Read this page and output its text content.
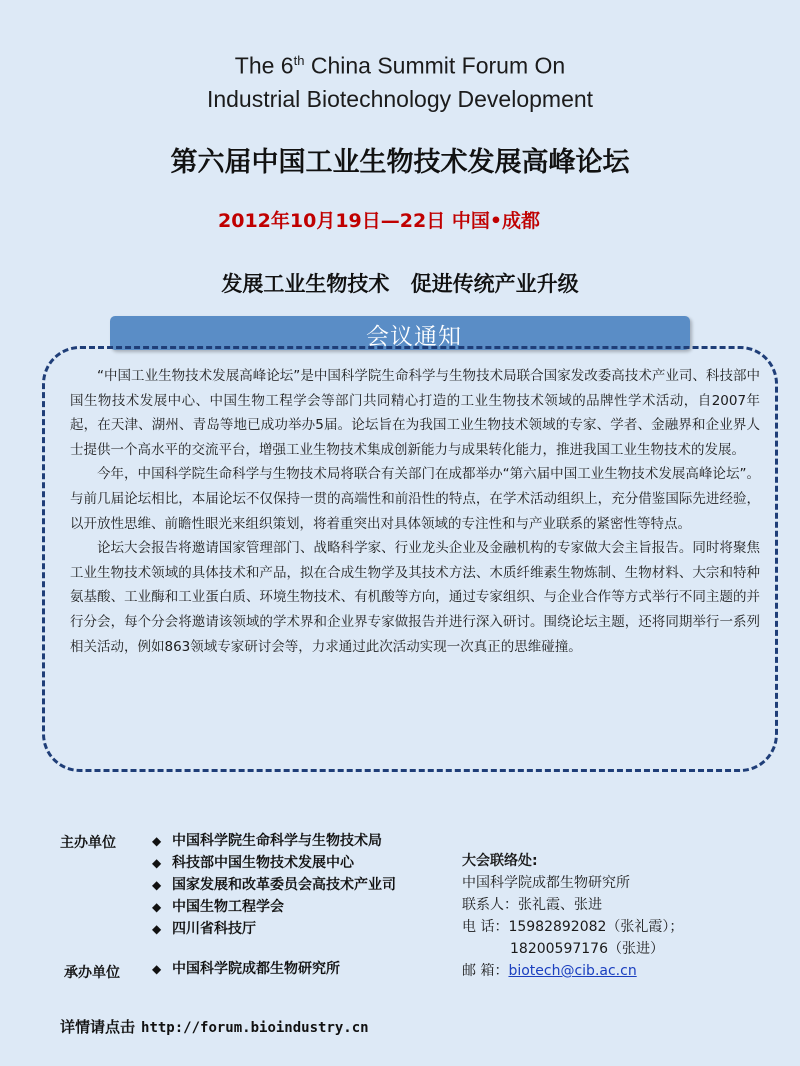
The 6th China Summit Forum On
Industrial Biotechnology Development
第六届中国工业生物技术发展高峰论坛
2012年10月19日—22日 中国•成都
发展工业生物技术 促进传统产业升级
会议通知

“中国工业生物技术发展高峰论坛”是中国科学院生命科学与生物技术局联合国家发改委高技术产业司、科技部中国生物技术发展中心、中国生物工程学会等部门共同精心打造的工业生物技术领域的品牌性学术活动，自2007年起，在天津、湖州、青岛等地已成功举办5届。论坛旨在为我国工业生物技术领域的专家、学者、金融界和企业界人士提供一个高水平的交流平台，增强工业生物技术集成创新能力与成果转化能力，推进我国工业生物技术的发展。

今年，中国科学院生命科学与生物技术局将联合有关部门在成都举办“第六届中国工业生物技术发展高峰论坛”。与前几届论坛相比，本届论坛不仅保持一贯的高端性和前沿性的特点，在学术活动组织上，充分借鉴国际先进经验，以开放性思维、前瞻性眼光来组织策划，将着重突出对具体领域的专注性和与产业联系的紧密性等特点。

论坛大会报告将邀请国家管理部门、战略科学家、行业龙头企业及金融机构的专家做大会主旨报告。同时将聚焦工业生物技术领域的具体技术和产品，拟在合成生物学及其技术方法、木质纤维素生物炼制、生物材料、大宗和特种氨基酸、工业酶和工业蛋白质、环境生物技术、有机酸等方向，通过专家组织、与企业合作等方式举行不同主题的并行分会，每个分会将邀请该领域的学术界和企业界专家做报告并进行深入研讨。围绕论坛主题，还将同期举行一系列相关活动，例如863领域专家研讨会等，力求通过此次活动实现一次真正的思维碰撞。

主办单位	◆ 中国科学院生命科学与生物技术局
◆ 科技部中国生物技术发展中心
◆ 国家发展和改革委员会高技术产业司
◆ 中国生物工程学会
◆ 四川省科技厅
承办单位	◆ 中国科学院成都生物研究所
大会联络处:
中国科学院成都生物研究所
联系人：张礼霞、张进
电 话：15982892082（张礼霞）；
18200597176（张进）
邮 箱：biotech@cib.ac.cn
详情请点击 http://forum.bioindustry.cn
